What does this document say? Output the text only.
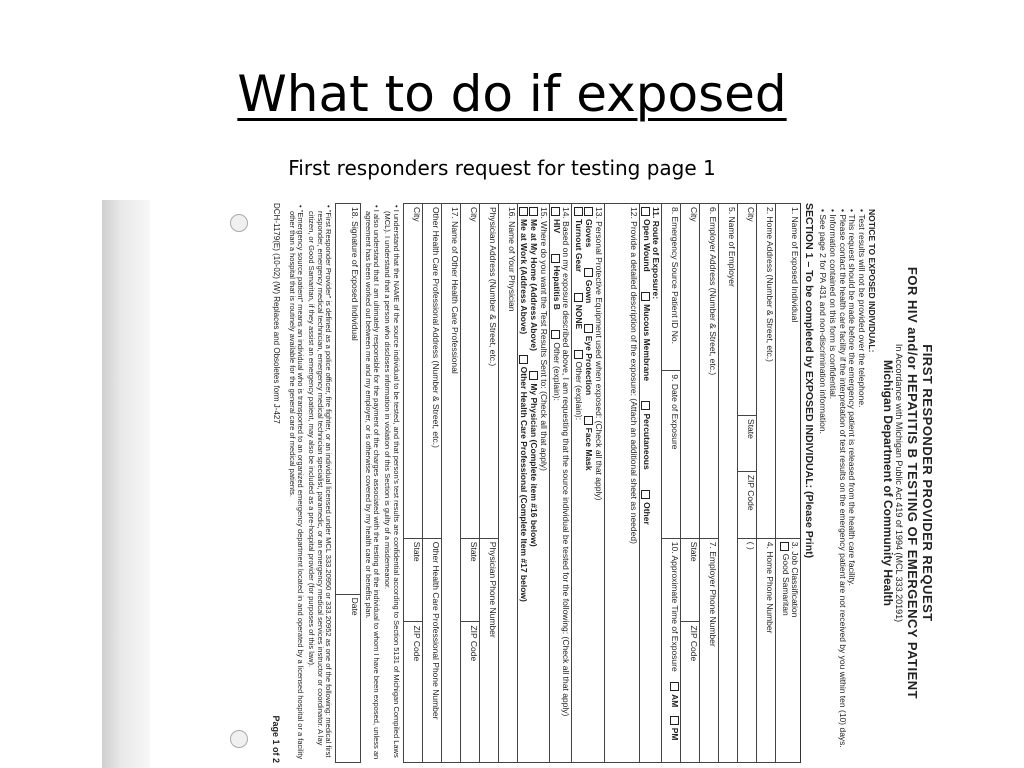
What to do if exposed
First responders request for testing page 1
FIRST RESPONDER PROVIDER REQUEST
FOR HIV and/or HEPATITIS B TESTING OF EMERGENCY PATIENT
In Accordance with Michigan Public Act 419 of 1994 (MCL 333.20191)
Michigan Department of Community Health
NOTICE TO EXPOSED INDIVIDUAL:
• Test results will not be provided over the telephone.
• This request should be made before the emergency patient is released from the health care facility.
• Please contact the health care facility if the interpretation of test results on the emergency patient are not received by you within ten (10) days.
• Information contained on this form is confidential.
• See page 2 for PA 431 and non-discrimination information.
SECTION 1 – To be completed by EXPOSED INDIVIDUAL: (Please Print)
1. Name of Exposed Individual
3. Job Classification
Good Samaritan
2. Home Address (Number & Street, etc.)
4. Home Phone Number
City
State
ZIP Code
( )
5. Name of Employer
6. Employer Address (Number & Street, etc.)
7. Employer Phone Number
City
State
ZIP Code
8. Emergency Source Patient ID No.
9. Date of Exposure
10. Approximate Time of Exposure AM PM
11. Route of Exposure:
Open Wound Mucous Membrane Percutaneous Other
12. Provide a detailed description of the exposure: (Attach an additional sheet as needed)
13. Personal Protective Equipment used when exposed: (Check all that apply)
Gloves Gown Eye Protection Face Mask
Turnout Gear NONE Other (explain):
14. Based on my exposure described above, I am requesting that the source individual be tested for the following: (Check all that apply)
HIV Hepatitis B Other (explain):
15. Where do you want the Test Results Sent to: (Check all that apply)
Me at My Home (Address Above) My Physician (Complete item #16 below)
Me at Work (Address Above) Other Health Care Professional (Complete Item #17 below)
16. Name of Your Physician
Physician Address (Number & Street, etc.)
Physician Phone Number
City
State
ZIP Code
17. Name of Other Health Care Professional
Other Health Care Professional Address (Number & Street, etc.)
Other Health Care Professional Phone Number
City
State
ZIP Code

• I understand that the NAME of the source individual to be tested, and that person's test results are confidential according to Section 5131 of Michigan Compiled Laws (MCL). I understand that a person who discloses information in violation of this Section is guilty of a misdemeanor.

• I also understand that I am ultimately responsible for the payment of the charges associated with the testing of the individual to whom I have been exposed, unless an agreement has been worked out between me and my employer, or is otherwise covered by my health care or benefits plan.

18. Signature of Exposed Individual
Date

• "First Responder Provider" is defined as a police officer, fire fighter, or an individual licensed under MCL 333.20950 or 333.20952 as one of the following: medical first responder, emergency medical technician, emergency medical technician specialist, paramedic, or an emergency medical services instructor or coordinator. A lay citizen, or Good Samaritan, if they assist an emergency patient, may also be included as a pre-hospital provider (for purposes of this law).

• "Emergency source patient" means an individual who is transported to an organized emergency department located in and operated by a licensed hospital or a facility other than a hospital that is routinely available for the general care of medical patients.

DCH-1179(E) (10-02) (W) Replaces and Obsoletes form J-427
Page 1 of 2
